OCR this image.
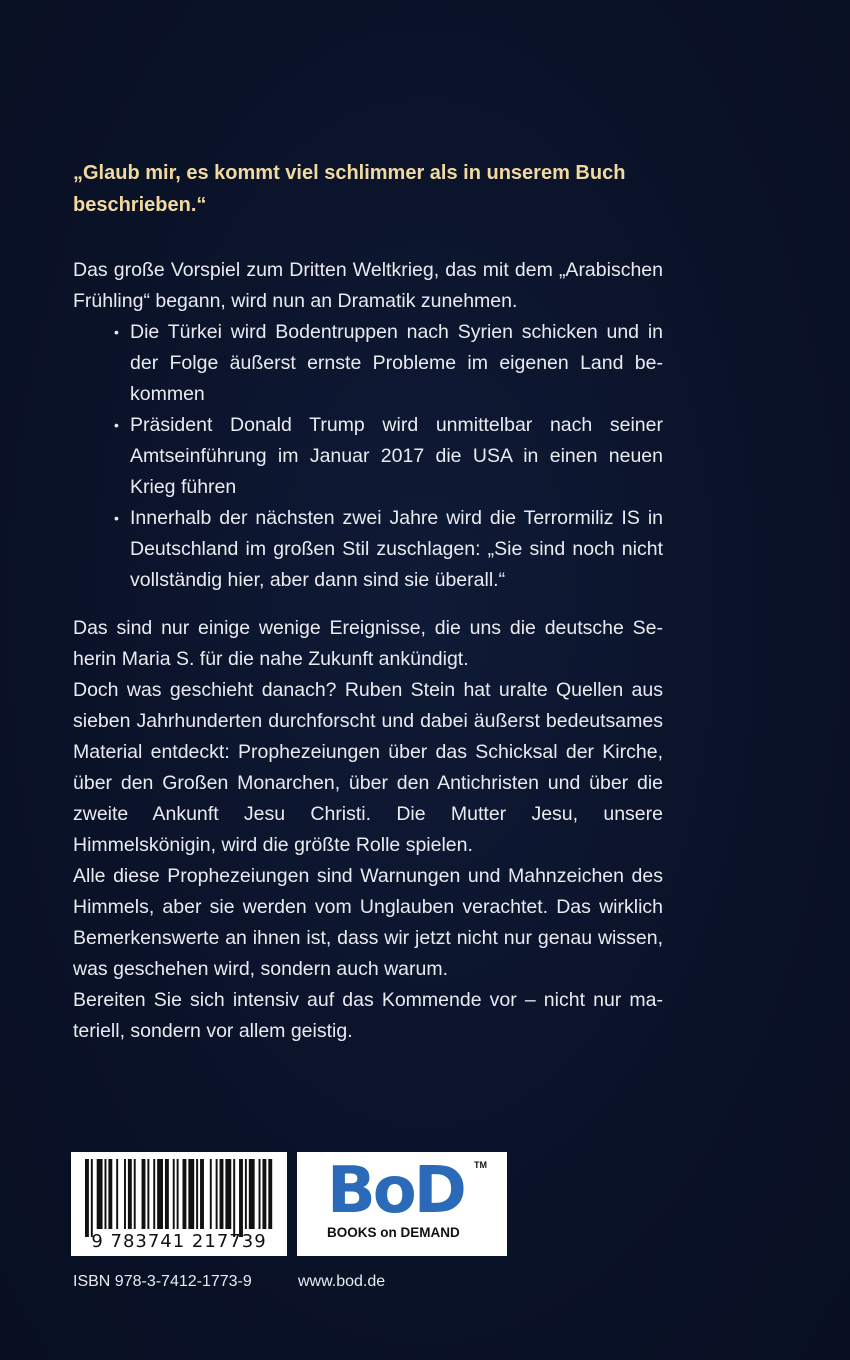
„Glaub mir, es kommt viel schlimmer als in unserem Buch beschrieben.“

Das große Vorspiel zum Dritten Weltkrieg, das mit dem „Arabischen Frühling“ begann, wird nun an Dramatik zunehmen.

• Die Türkei wird Bodentruppen nach Syrien schicken und in der Folge äußerst ernste Probleme im eigenen Land bekommen
• Präsident Donald Trump wird unmittelbar nach seiner Amtseinführung im Januar 2017 die USA in einen neuen Krieg führen
• Innerhalb der nächsten zwei Jahre wird die Terrormiliz IS in Deutschland im großen Stil zuschlagen: „Sie sind noch nicht vollständig hier, aber dann sind sie überall.“

Das sind nur einige wenige Ereignisse, die uns die deutsche Seherin Maria S. für die nahe Zukunft ankündigt.

Doch was geschieht danach? Ruben Stein hat uralte Quellen aus sieben Jahrhunderten durchforscht und dabei äußerst bedeutsames Material entdeckt: Prophezeiungen über das Schicksal der Kirche, über den Großen Monarchen, über den Antichristen und über die zweite Ankunft Jesu Christi. Die Mutter Jesu, unsere Himmelskönigin, wird die größte Rolle spielen.

Alle diese Prophezeiungen sind Warnungen und Mahnzeichen des Himmels, aber sie werden vom Unglauben verachtet. Das wirklich Bemerkenswerte an ihnen ist, dass wir jetzt nicht nur genau wissen, was geschehen wird, sondern auch warum.

Bereiten Sie sich intensiv auf das Kommende vor – nicht nur materiell, sondern vor allem geistig.

9 783741 217739
BoD TM
BOOKS on DEMAND
ISBN 978-3-7412-1773-9	www.bod.de
